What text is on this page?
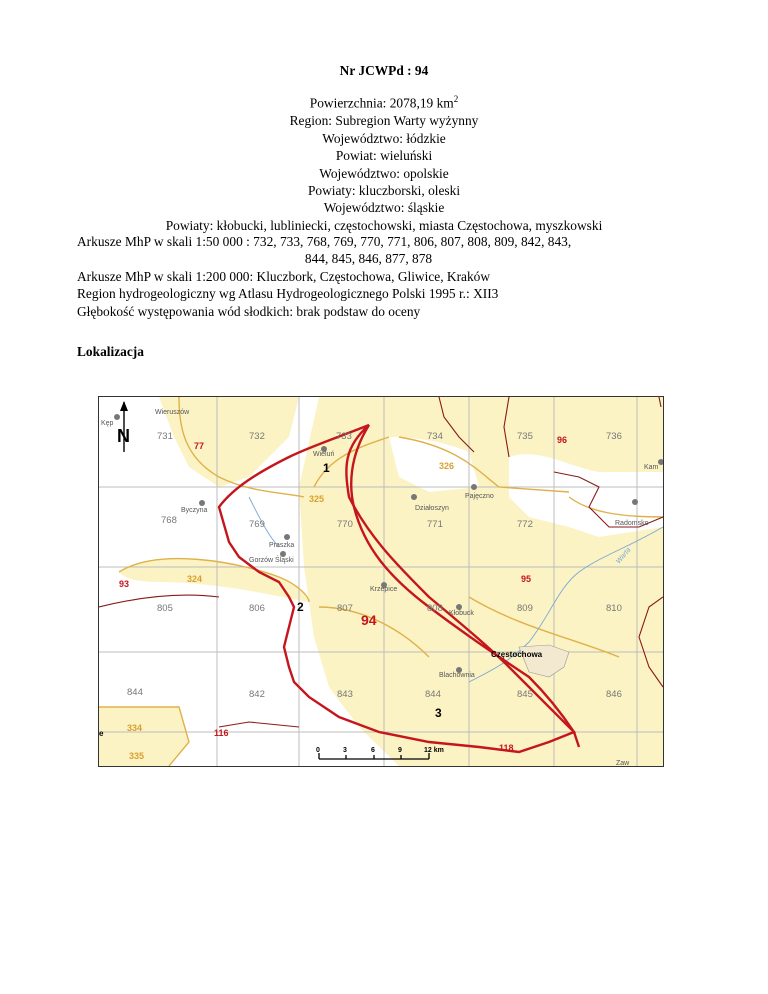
Nr JCWPd : 94
Powierzchnia: 2078,19 $km^2$
Region: Subregion Warty wyżynny
Województwo: łódzkie
Powiat: wieluński
Województwo: opolskie
Powiaty: kluczborski, oleski
Województwo: śląskie
Powiaty: kłobucki, lubliniecki, częstochowski, miasta Częstochowa, myszkowski
Arkusze MhP w skali 1:50 000 : 732, 733, 768, 769, 770, 771, 806, 807, 808, 809, 842, 843,
844, 845, 846, 877, 878
Arkusze MhP w skali 1:200 000: Kluczbork, Częstochowa, Gliwice, Kraków
Region hydrogeologiczny wg Atlasu Hydrogeologicznego Polski 1995 r.: XII3
Głębokość występowania wód słodkich: brak podstaw do oceny
Lokalizacja
731	732	733	734	735	736
768	769	770	771	772
805	806	807	808	809	810
842	843	844	845	846
844
77
96
93	95
116
118
326
325
324
334
335
94
1
2
3
Wieruszów
Kęp
Wieluń
Byczyna
Praszka
Gorzów Śląski
Działoszyn
Pajęczno
Kam
Radomsko
Krzepice
Kłobuck
Częstochowa
Blachownia
Zaw
Warta
e
N
0	3	6	9	12 km
